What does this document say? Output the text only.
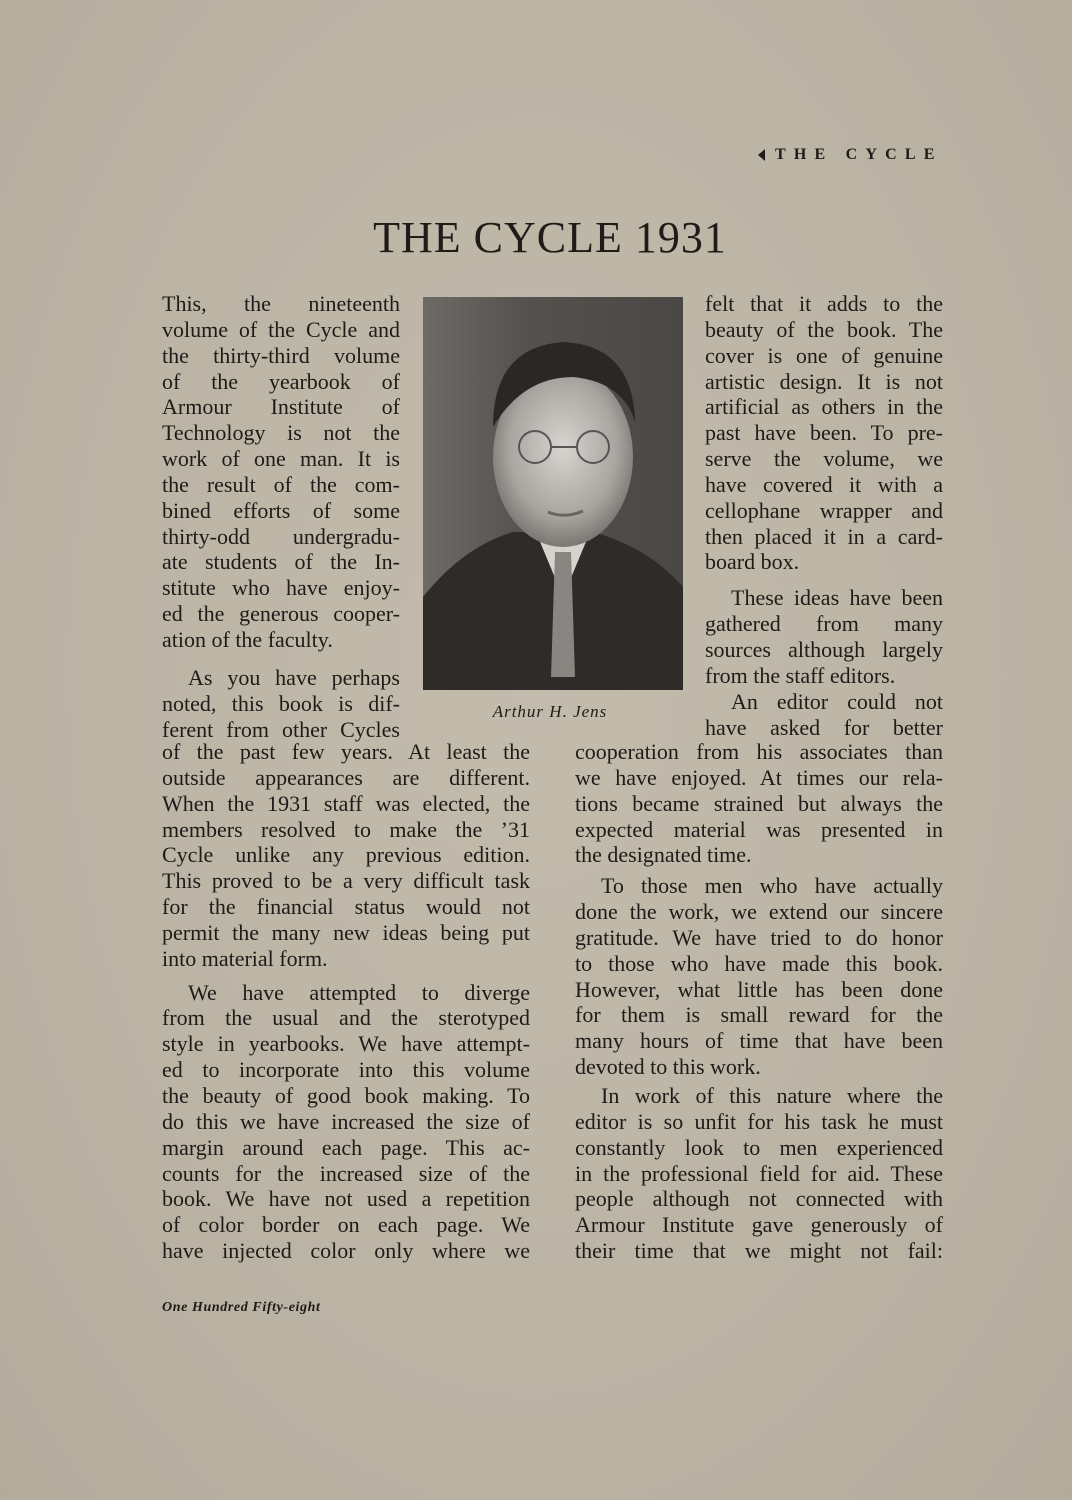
THE CYCLE
THE CYCLE 1931
This, the nineteenth
volume of the Cycle and
the thirty-third volume
of the yearbook of
Armour Institute of
Technology is not the
work of one man. It is
the result of the com-
bined efforts of some
thirty-odd undergradu-
ate students of the In-
stitute who have enjoy-
ed the generous cooper-
ation of the faculty.
As you have perhaps
noted, this book is dif-
ferent from other Cycles
of the past few years. At least the
outside appearances are different.
When the 1931 staff was elected, the
members resolved to make the ’31
Cycle unlike any previous edition.
This proved to be a very difficult task
for the financial status would not
permit the many new ideas being put
into material form.
We have attempted to diverge
from the usual and the sterotyped
style in yearbooks. We have attempt-
ed to incorporate into this volume
the beauty of good book making. To
do this we have increased the size of
margin around each page. This ac-
counts for the increased size of the
book. We have not used a repetition
of color border on each page. We
have injected color only where we
felt that it adds to the
beauty of the book. The
cover is one of genuine
artistic design. It is not
artificial as others in the
past have been. To pre-
serve the volume, we
have covered it with a
cellophane wrapper and
then placed it in a card-
board box.
These ideas have been
gathered from many
sources although largely
from the staff editors.
An editor could not
have asked for better
cooperation from his associates than
we have enjoyed. At times our rela-
tions became strained but always the
expected material was presented in
the designated time.
To those men who have actually
done the work, we extend our sincere
gratitude. We have tried to do honor
to those who have made this book.
However, what little has been done
for them is small reward for the
many hours of time that have been
devoted to this work.
In work of this nature where the
editor is so unfit for his task he must
constantly look to men experienced
in the professional field for aid. These
people although not connected with
Armour Institute gave generously of
their time that we might not fail:
Arthur H. Jens
One Hundred Fifty-eight
